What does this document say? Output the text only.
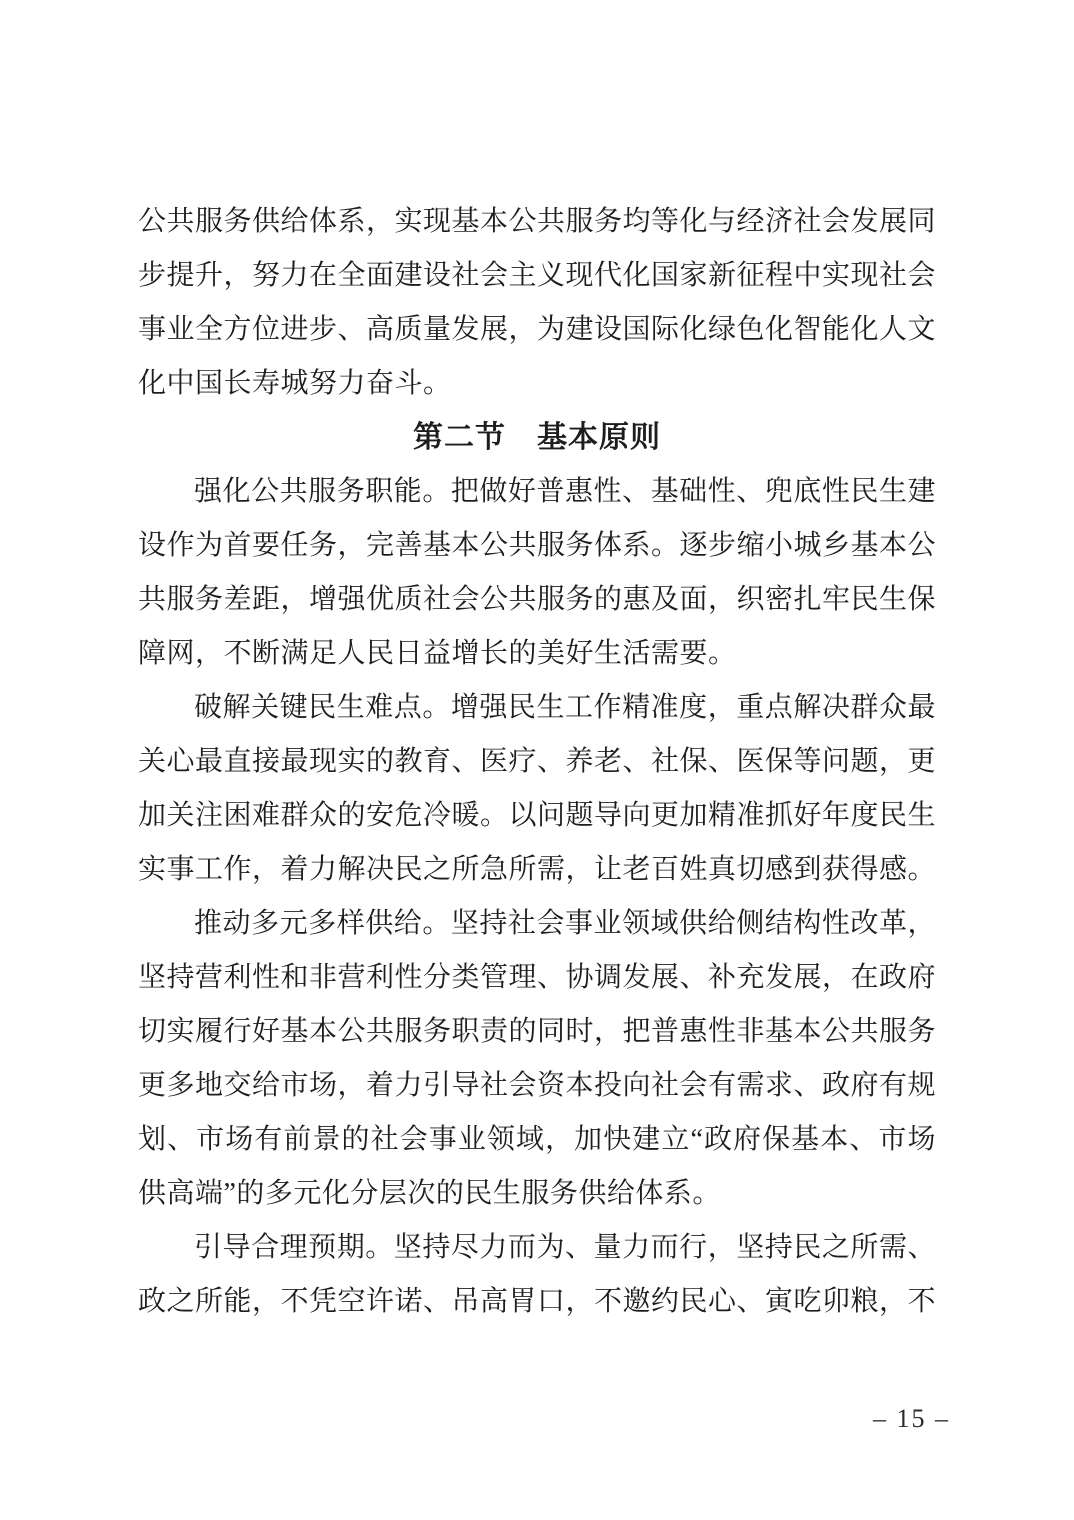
公共服务供给体系，实现基本公共服务均等化与经济社会发展同
步提升，努力在全面建设社会主义现代化国家新征程中实现社会
事业全方位进步、高质量发展，为建设国际化绿色化智能化人文
化中国长寿城努力奋斗。
第二节　基本原则
强化公共服务职能。把做好普惠性、基础性、兜底性民生建
设作为首要任务，完善基本公共服务体系。逐步缩小城乡基本公
共服务差距，增强优质社会公共服务的惠及面，织密扎牢民生保
障网，不断满足人民日益增长的美好生活需要。
破解关键民生难点。增强民生工作精准度，重点解决群众最
关心最直接最现实的教育、医疗、养老、社保、医保等问题，更
加关注困难群众的安危冷暖。以问题导向更加精准抓好年度民生
实事工作，着力解决民之所急所需，让老百姓真切感到获得感。
推动多元多样供给。坚持社会事业领域供给侧结构性改革，
坚持营利性和非营利性分类管理、协调发展、补充发展，在政府
切实履行好基本公共服务职责的同时，把普惠性非基本公共服务
更多地交给市场，着力引导社会资本投向社会有需求、政府有规
划、市场有前景的社会事业领域，加快建立“政府保基本、市场
供高端”的多元化分层次的民生服务供给体系。
引导合理预期。坚持尽力而为、量力而行，坚持民之所需、
政之所能，不凭空许诺、吊高胃口，不邀约民心、寅吃卯粮，不
– 15 –
